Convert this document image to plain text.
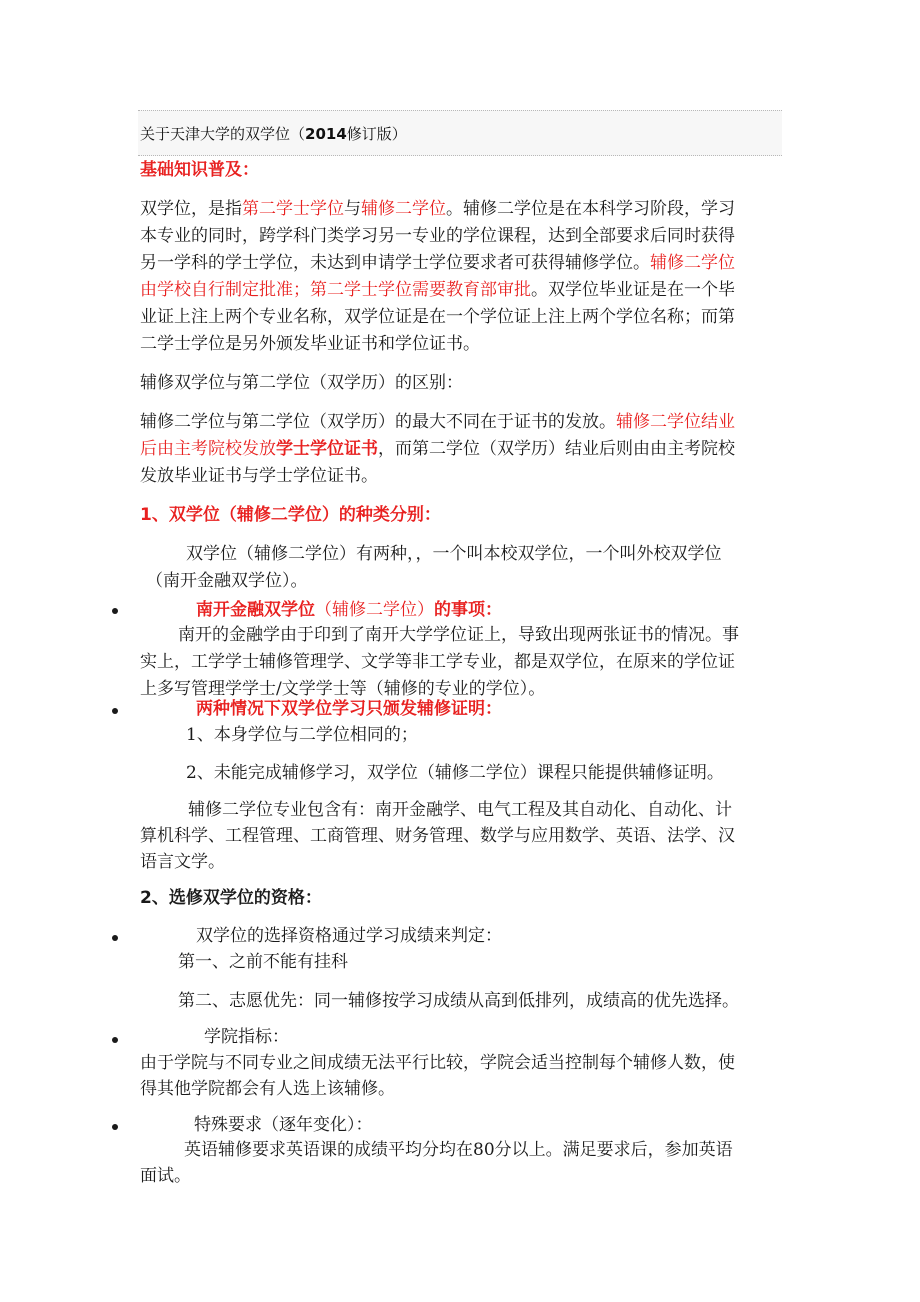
关于天津大学的双学位（2014修订版）
基础知识普及：
双学位，是指第二学士学位与辅修二学位。辅修二学位是在本科学习阶段，学习
本专业的同时，跨学科门类学习另一专业的学位课程，达到全部要求后同时获得
另一学科的学士学位，未达到申请学士学位要求者可获得辅修学位。辅修二学位
由学校自行制定批准；第二学士学位需要教育部审批。双学位毕业证是在一个毕
业证上注上两个专业名称，双学位证是在一个学位证上注上两个学位名称；而第
二学士学位是另外颁发毕业证书和学位证书。
辅修双学位与第二学位（双学历）的区别：
辅修二学位与第二学位（双学历）的最大不同在于证书的发放。辅修二学位结业
后由主考院校发放学士学位证书，而第二学位（双学历）结业后则由由主考院校
发放毕业证书与学士学位证书。
1、双学位（辅修二学位）的种类分别：
双学位（辅修二学位）有两种，，一个叫本校双学位，一个叫外校双学位
（南开金融双学位）。
南开金融双学位（辅修二学位）的事项：
南开的金融学由于印到了南开大学学位证上，导致出现两张证书的情况。事
实上，工学学士辅修管理学、文学等非工学专业，都是双学位，在原来的学位证
上多写管理学学士/文学学士等（辅修的专业的学位）。
两种情况下双学位学习只颁发辅修证明：
1、本身学位与二学位相同的；
2、未能完成辅修学习，双学位（辅修二学位）课程只能提供辅修证明。
辅修二学位专业包含有：南开金融学、电气工程及其自动化、自动化、计
算机科学、工程管理、工商管理、财务管理、数学与应用数学、英语、法学、汉
语言文学。
2、选修双学位的资格：
双学位的选择资格通过学习成绩来判定：
第一、之前不能有挂科
第二、志愿优先：同一辅修按学习成绩从高到低排列，成绩高的优先选择。
学院指标：
由于学院与不同专业之间成绩无法平行比较，学院会适当控制每个辅修人数，使
得其他学院都会有人选上该辅修。
特殊要求（逐年变化）：
英语辅修要求英语课的成绩平均分均在80分以上。满足要求后，参加英语
面试。
